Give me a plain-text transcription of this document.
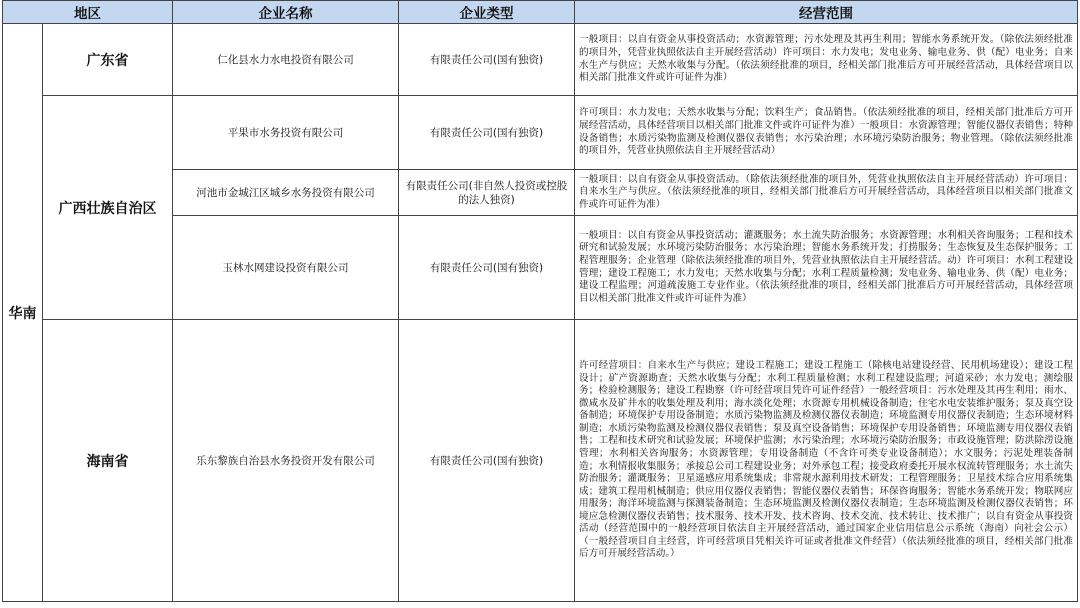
地区		企业名称	企业类型	经营范围
华南	广东省	仁化县水力水电投资有限公司	有限责任公司(国有独资)	一般项目：以自有资金从事投资活动；水资源管理；污水处理及其再生利用；智能水务系统开发。（除依法须经批准的项目外，凭营业执照依法自主开展经营活动）许可项目：水力发电；发电业务、输电业务、供（配）电业务；自来水生产与供应；天然水收集与分配。（依法须经批准的项目，经相关部门批准后方可开展经营活动，具体经营项目以相关部门批准文件或许可证件为准）
	广西壮族自治区	平果市水务投资有限公司	有限责任公司(国有独资)	许可项目：水力发电；天然水收集与分配；饮料生产；食品销售。（依法须经批准的项目，经相关部门批准后方可开展经营活动，具体经营项目以相关部门批准文件或许可证件为准）一般项目：水资源管理；智能仪器仪表销售；特种设备销售；水质污染物监测及检测仪器仪表销售；水污染治理；水环境污染防治服务；物业管理。（除依法须经批准的项目外，凭营业执照依法自主开展经营活动）
		河池市金城江区城乡水务投资有限公司	有限责任公司(非自然人投资或控股的法人独资)	一般项目：以自有资金从事投资活动。（除依法须经批准的项目外，凭营业执照依法自主开展经营活动）许可项目：自来水生产与供应。（依法须经批准的项目，经相关部门批准后方可开展经营活动，具体经营项目以相关部门批准文件或许可证件为准）
		玉林水网建设投资有限公司	有限责任公司(国有独资)	一般项目：以自有资金从事投资活动；灌溉服务；水土流失防治服务；水资源管理；水利相关咨询服务；工程和技术研究和试验发展；水环境污染防治服务；水污染治理；智能水务系统开发；打捞服务；生态恢复及生态保护服务；工程管理服务；企业管理（除依法须经批准的项目外，凭营业执照依法自主开展经营活。动）许可项目：水利工程建设管理；建设工程施工；水力发电；天然水收集与分配；水利工程质量检测；发电业务、输电业务、供（配）电业务；建设工程监理；河道疏浚施工专业作业。（依法须经批准的项目，经相关部门批准后方可开展经营活动，具体经营项目以相关部门批准文件或许可证件为准）
	海南省	乐东黎族自治县水务投资开发有限公司	有限责任公司(国有独资)	许可经营项目：自来水生产与供应；建设工程施工；建设工程施工（除核电站建设经营、民用机场建设）；建设工程设计；矿产资源勘查；天然水收集与分配；水利工程质量检测；水利工程建设监理；河道采砂；水力发电；测绘服务；检验检测服务；建设工程勘察（许可经营项目凭许可证件经营）一般经营项目：污水处理及其再生利用；雨水、微咸水及矿井水的收集处理及利用；海水淡化处理；水资源专用机械设备制造；住宅水电安装维护服务；泵及真空设备制造；环境保护专用设备制造；水质污染物监测及检测仪器仪表制造；环境监测专用仪器仪表制造；生态环境材料制造；水质污染物监测及检测仪器仪表销售；泵及真空设备销售；环境保护专用设备销售；环境监测专用仪器仪表销售；工程和技术研究和试验发展；环境保护监测；水污染治理；水环境污染防治服务；市政设施管理；防洪除涝设施管理；水利相关咨询服务；水资源管理；专用设备制造（不含许可类专业设备制造）；水文服务；污泥处理装备制造；水利情报收集服务；承接总公司工程建设业务；对外承包工程；接受政府委托开展水权流转管理服务；水土流失防治服务；灌溉服务；卫星遥感应用系统集成；非常规水源利用技术研发；工程管理服务；卫星技术综合应用系统集成；建筑工程用机械制造；供应用仪器仪表销售；智能仪器仪表销售；环保咨询服务；智能水务系统开发；物联网应用服务；海洋环境监测与探测装备制造；生态环境监测及检测仪器仪表制造；生态环境监测及检测仪器仪表销售；环境应急检测仪器仪表销售；技术服务、技术开发、技术咨询、技术交流、技术转让、技术推广；以自有资金从事投资活动（经营范围中的一般经营项目依法自主开展经营活动，通过国家企业信用信息公示系统（海南）向社会公示）（一般经营项目自主经营，许可经营项目凭相关许可证或者批准文件经营）（依法须经批准的项目，经相关部门批准后方可开展经营活动。）
